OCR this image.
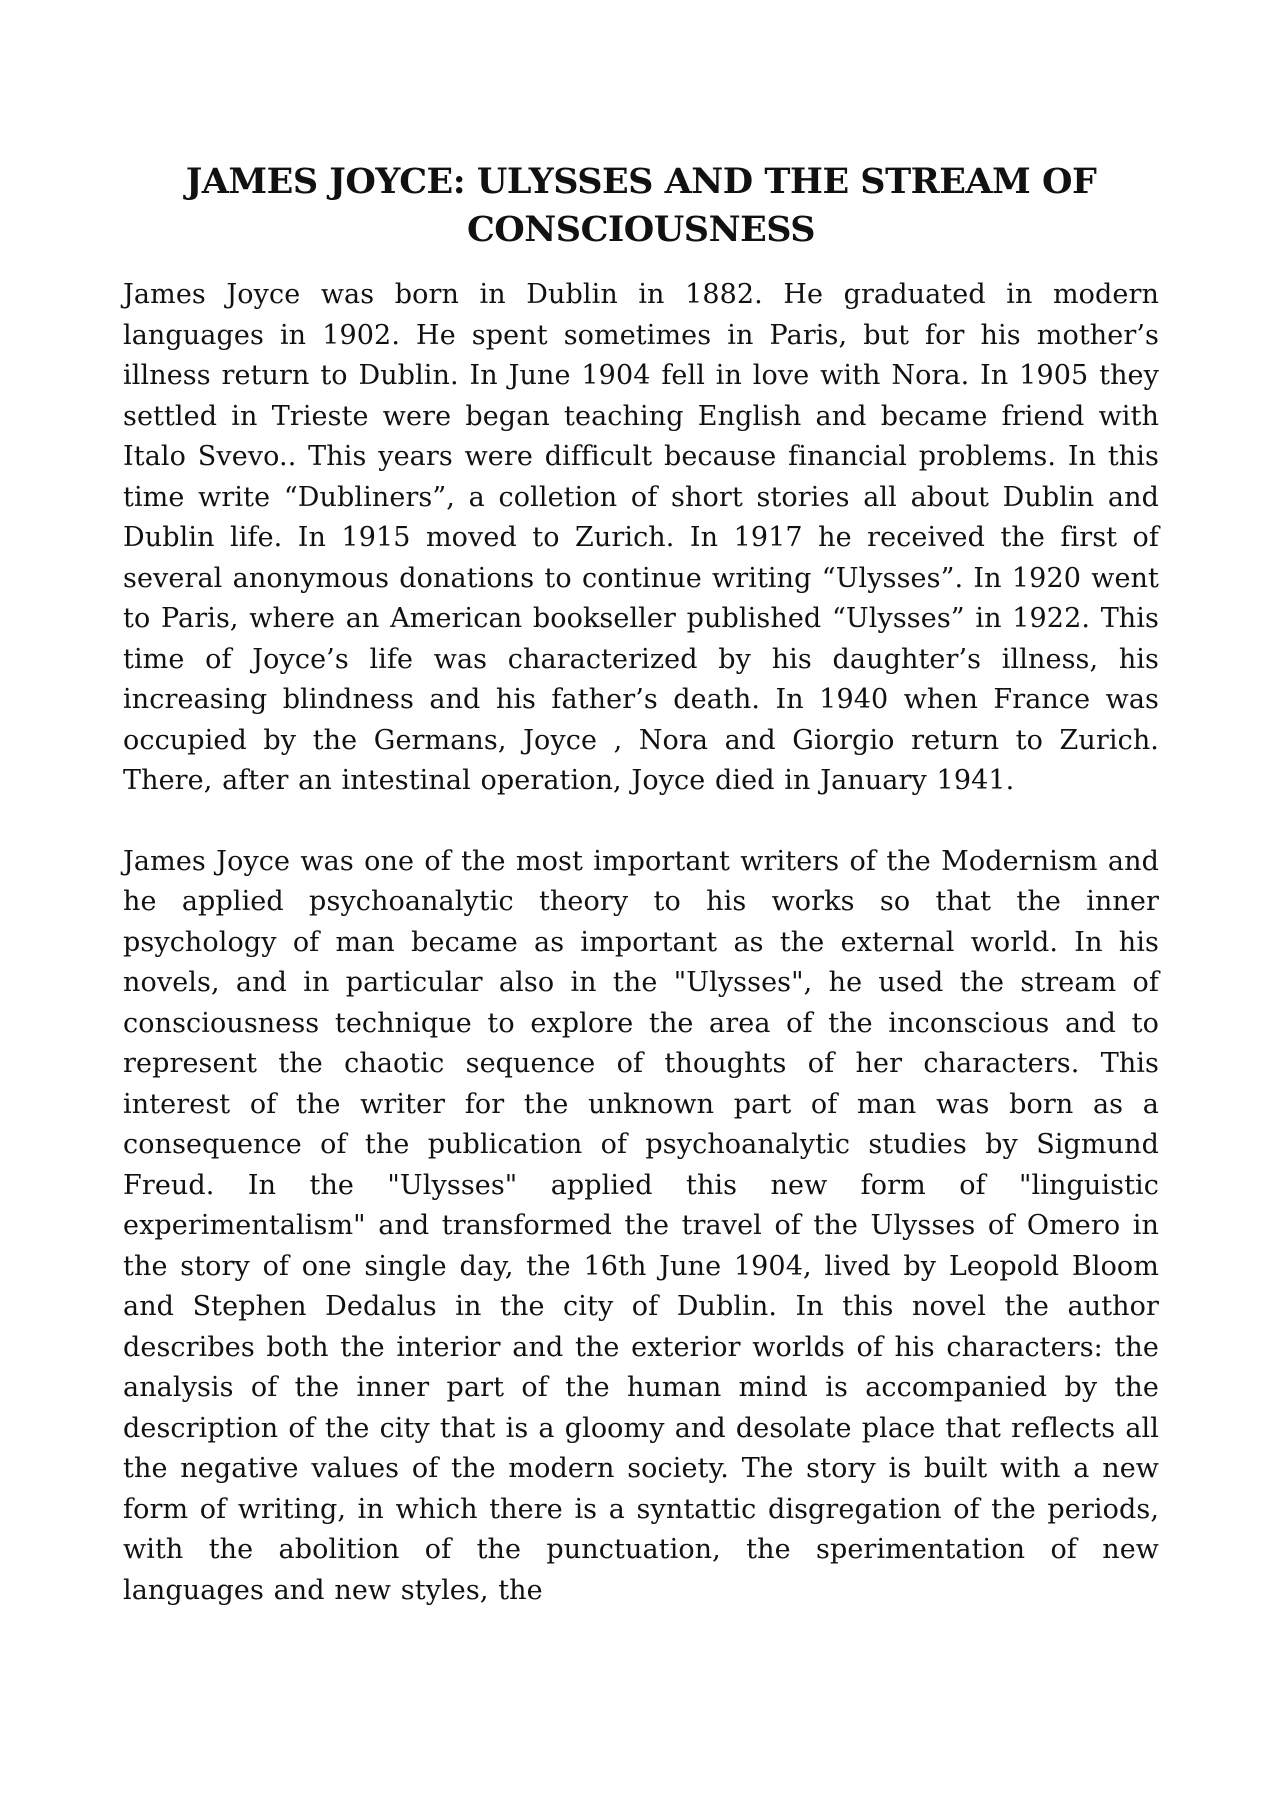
JAMES JOYCE: ULYSSES AND THE STREAM OF CONSCIOUSNESS

James Joyce was born in Dublin in 1882. He graduated in modern languages in 1902. He spent sometimes in Paris, but for his mother’s illness return to Dublin. In June 1904 fell in love with Nora. In 1905 they settled in Trieste were began teaching English and became friend with Italo Svevo.. This years were difficult because financial problems. In this time write “Dubliners”, a colletion of short stories all about Dublin and Dublin life. In 1915 moved to Zurich. In 1917 he received the first of several anonymous donations to continue writing “Ulysses”. In 1920 went to Paris, where an American bookseller published “Ulysses” in 1922. This time of Joyce’s life was characterized by his daughter’s illness, his increasing blindness and his father’s death. In 1940 when France was occupied by the Germans, Joyce , Nora and Giorgio return to Zurich. There, after an intestinal operation, Joyce died in January 1941.

James Joyce was one of the most important writers of the Modernism and he applied psychoanalytic theory to his works so that the inner psychology of man became as important as the external world. In his novels, and in particular also in the "Ulysses", he used the stream of consciousness technique to explore the area of the inconscious and to represent the chaotic sequence of thoughts of her characters. This interest of the writer for the unknown part of man was born as a consequence of the publication of psychoanalytic studies by Sigmund Freud. In the "Ulysses" applied this new form of "linguistic experimentalism" and transformed the travel of the Ulysses of Omero in the story of one single day, the 16th June 1904, lived by Leopold Bloom and Stephen Dedalus in the city of Dublin. In this novel the author describes both the interior and the exterior worlds of his characters: the analysis of the inner part of the human mind is accompanied by the description of the city that is a gloomy and desolate place that reflects all the negative values of the modern society. The story is built with a new form of writing, in which there is a syntattic disgregation of the periods, with the abolition of the punctuation, the sperimentation of new languages and new styles, the
